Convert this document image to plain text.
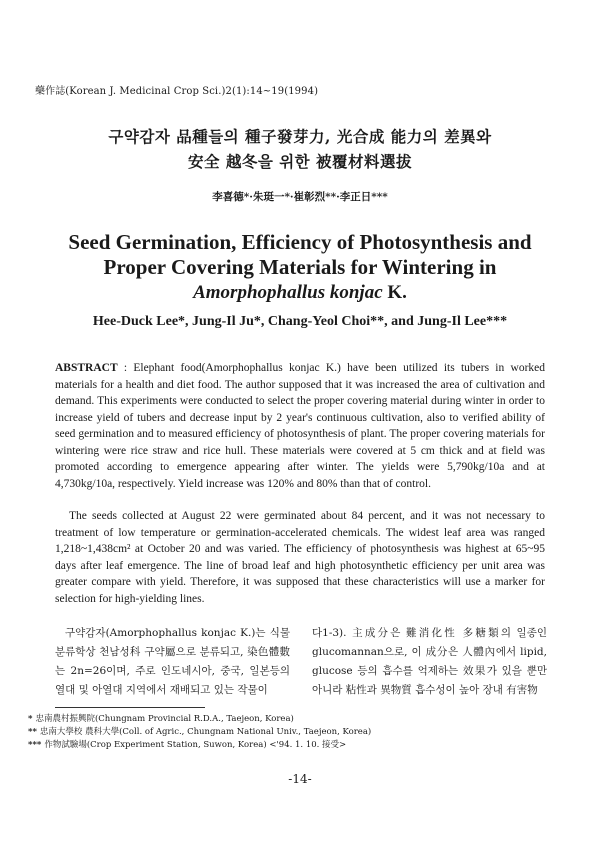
藥作誌(Korean J. Medicinal Crop Sci.)2(1):14~19(1994)
구약감자 品種들의 種子發芽力, 光合成 能力의 差異와
安全 越冬을 위한 被覆材料選拔
李喜德*·朱珽一*·崔彰烈**·李正日***
Seed Germination, Efficiency of Photosynthesis and
Proper Covering Materials for Wintering in
Amorphophallus konjac K.
Hee-Duck Lee*, Jung-Il Ju*, Chang-Yeol Choi**, and Jung-Il Lee***
ABSTRACT : Elephant food(Amorphophallus konjac K.) have been utilized its tubers in worked materials for a health and diet food. The author supposed that it was increased the area of cultivation and demand. This experiments were conducted to select the proper covering material during winter in order to increase yield of tubers and decrease input by 2 year's continuous cultivation, also to verified ability of seed germination and to measured efficiency of photosynthesis of plant. The proper covering materials for wintering were rice straw and rice hull. These materials were covered at 5 cm thick and at field was promoted according to emergence appearing after winter. The yields were 5,790kg/10a and at 4,730kg/10a, respectively. Yield increase was 120% and 80% than that of control.
The seeds collected at August 22 were germinated about 84 percent, and it was not necessary to treatment of low temperature or germination-accelerated chemicals. The widest leaf area was ranged 1,218~1,438cm² at October 20 and was varied. The efficiency of photosynthesis was highest at 65~95 days after leaf emergence. The line of broad leaf and high photosynthetic efficiency per unit area was greater compare with yield. Therefore, it was supposed that these characteristics will use a marker for selection for high-yielding lines.
구약감자(Amorphophallus konjac K.)는 식물분류학상 천남성科 구약屬으로 분류되고, 染色體數는 2n=26이며, 주로 인도네시아, 중국, 일본등의 열대 및 아열대 지역에서 재배되고 있는 작물이
다1-3). 主成分은 難消化性 多糖類의 일종인 glucomannan으로, 이 成分은 人體內에서 lipid, glucose 등의 흡수를 억제하는 效果가 있을 뿐만 아니라 粘性과 異物質 흡수성이 높아 장내 有害物
* 忠南農村振興院(Chungnam Provincial R.D.A., Taejeon, Korea)
** 忠南大學校 農科大學(Coll. of Agric., Chungnam National Univ., Taejeon, Korea)
*** 作物試驗場(Crop Experiment Station, Suwon, Korea) <'94. 1. 10. 接受>
-14-
